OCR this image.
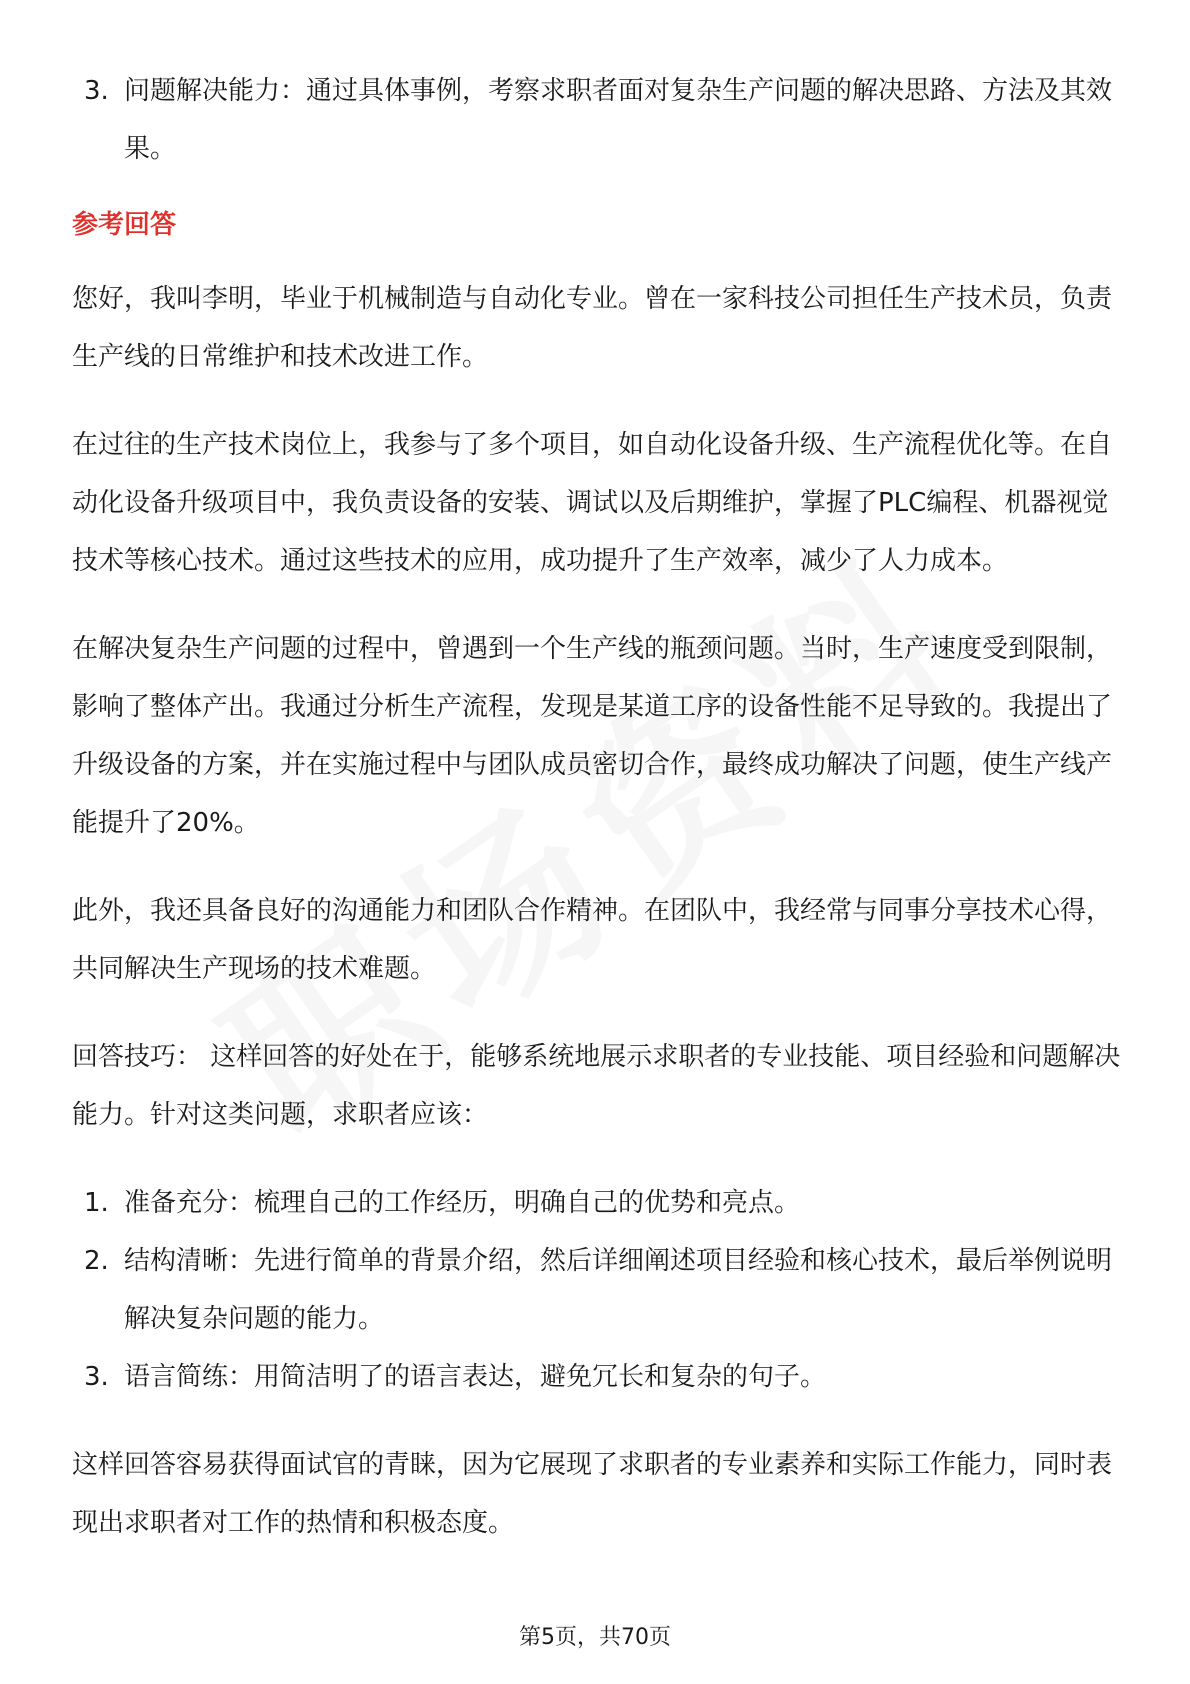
3. 问题解决能力：通过具体事例，考察求职者面对复杂生产问题的解决思路、方法及其效果。
参考回答

您好，我叫李明，毕业于机械制造与自动化专业。曾在一家科技公司担任生产技术员，负责生产线的日常维护和技术改进工作。

在过往的生产技术岗位上，我参与了多个项目，如自动化设备升级、生产流程优化等。在自动化设备升级项目中，我负责设备的安装、调试以及后期维护，掌握了PLC编程、机器视觉技术等核心技术。通过这些技术的应用，成功提升了生产效率，减少了人力成本。

在解决复杂生产问题的过程中，曾遇到一个生产线的瓶颈问题。当时，生产速度受到限制，影响了整体产出。我通过分析生产流程，发现是某道工序的设备性能不足导致的。我提出了升级设备的方案，并在实施过程中与团队成员密切合作，最终成功解决了问题，使生产线产能提升了20%。

此外，我还具备良好的沟通能力和团队合作精神。在团队中，我经常与同事分享技术心得，共同解决生产现场的技术难题。

回答技巧： 这样回答的好处在于，能够系统地展示求职者的专业技能、项目经验和问题解决能力。针对这类问题，求职者应该：

1. 准备充分：梳理自己的工作经历，明确自己的优势和亮点。
2. 结构清晰：先进行简单的背景介绍，然后详细阐述项目经验和核心技术，最后举例说明解决复杂问题的能力。
3. 语言简练：用简洁明了的语言表达，避免冗长和复杂的句子。

这样回答容易获得面试官的青睐，因为它展现了求职者的专业素养和实际工作能力，同时表现出求职者对工作的热情和积极态度。

第5页，共70页
